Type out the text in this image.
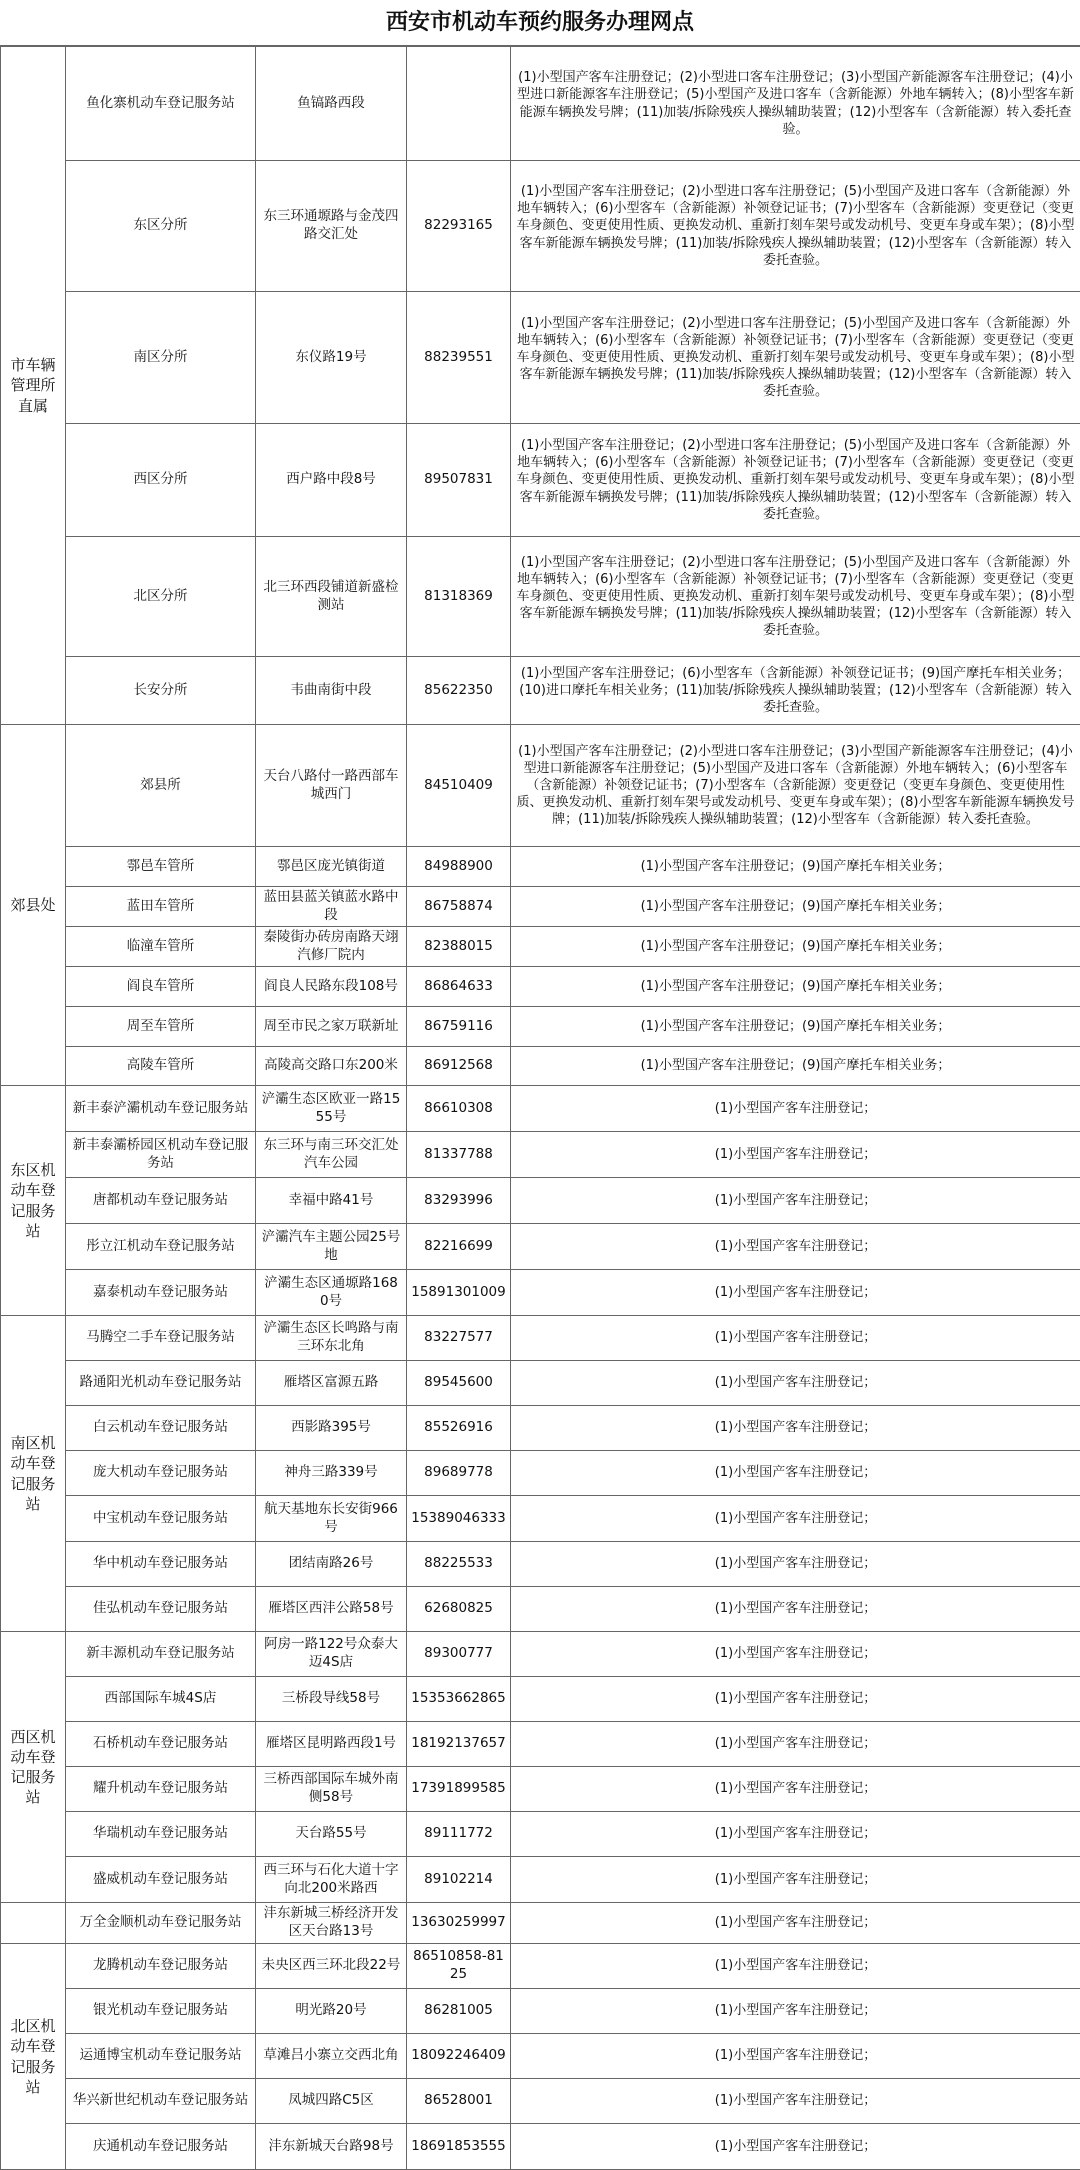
西安市机动车预约服务办理网点
市车辆管理所直属	鱼化寨机动车登记服务站	鱼镐路西段		(1)小型国产客车注册登记；(2)小型进口客车注册登记；(3)小型国产新能源客车注册登记；(4)小型进口新能源客车注册登记；(5)小型国产及进口客车（含新能源）外地车辆转入；(8)小型客车新能源车辆换发号牌；(11)加装/拆除残疾人操纵辅助装置；(12)小型客车（含新能源）转入委托查验。
	东区分所	东三环通塬路与金茂四路交汇处	82293165	(1)小型国产客车注册登记；(2)小型进口客车注册登记；(5)小型国产及进口客车（含新能源）外地车辆转入；(6)小型客车（含新能源）补领登记证书；(7)小型客车（含新能源）变更登记（变更车身颜色、变更使用性质、更换发动机、重新打刻车架号或发动机号、变更车身或车架）；(8)小型客车新能源车辆换发号牌；(11)加装/拆除残疾人操纵辅助装置；(12)小型客车（含新能源）转入委托查验。
	南区分所	东仪路19号	88239551	(1)小型国产客车注册登记；(2)小型进口客车注册登记；(5)小型国产及进口客车（含新能源）外地车辆转入；(6)小型客车（含新能源）补领登记证书；(7)小型客车（含新能源）变更登记（变更车身颜色、变更使用性质、更换发动机、重新打刻车架号或发动机号、变更车身或车架）；(8)小型客车新能源车辆换发号牌；(11)加装/拆除残疾人操纵辅助装置；(12)小型客车（含新能源）转入委托查验。
	西区分所	西户路中段8号	89507831	(1)小型国产客车注册登记；(2)小型进口客车注册登记；(5)小型国产及进口客车（含新能源）外地车辆转入；(6)小型客车（含新能源）补领登记证书；(7)小型客车（含新能源）变更登记（变更车身颜色、变更使用性质、更换发动机、重新打刻车架号或发动机号、变更车身或车架）；(8)小型客车新能源车辆换发号牌；(11)加装/拆除残疾人操纵辅助装置；(12)小型客车（含新能源）转入委托查验。
	北区分所	北三环西段铺道新盛检测站	81318369	(1)小型国产客车注册登记；(2)小型进口客车注册登记；(5)小型国产及进口客车（含新能源）外地车辆转入；(6)小型客车（含新能源）补领登记证书；(7)小型客车（含新能源）变更登记（变更车身颜色、变更使用性质、更换发动机、重新打刻车架号或发动机号、变更车身或车架）；(8)小型客车新能源车辆换发号牌；(11)加装/拆除残疾人操纵辅助装置；(12)小型客车（含新能源）转入委托查验。
	长安分所	韦曲南街中段	85622350	(1)小型国产客车注册登记；(6)小型客车（含新能源）补领登记证书；(9)国产摩托车相关业务；(10)进口摩托车相关业务；(11)加装/拆除残疾人操纵辅助装置；(12)小型客车（含新能源）转入委托查验。
郊县处	郊县所	天台八路付一路西部车城西门	84510409	(1)小型国产客车注册登记；(2)小型进口客车注册登记；(3)小型国产新能源客车注册登记；(4)小型进口新能源客车注册登记；(5)小型国产及进口客车（含新能源）外地车辆转入；(6)小型客车（含新能源）补领登记证书；(7)小型客车（含新能源）变更登记（变更车身颜色、变更使用性质、更换发动机、重新打刻车架号或发动机号、变更车身或车架）；(8)小型客车新能源车辆换发号牌；(11)加装/拆除残疾人操纵辅助装置；(12)小型客车（含新能源）转入委托查验。
	鄠邑车管所	鄠邑区庞光镇街道	84988900	(1)小型国产客车注册登记；(9)国产摩托车相关业务；
	蓝田车管所	蓝田县蓝关镇蓝水路中段	86758874	(1)小型国产客车注册登记；(9)国产摩托车相关业务；
	临潼车管所	秦陵街办砖房南路天翊汽修厂院内	82388015	(1)小型国产客车注册登记；(9)国产摩托车相关业务；
	阎良车管所	阎良人民路东段108号	86864633	(1)小型国产客车注册登记；(9)国产摩托车相关业务；
	周至车管所	周至市民之家万联新址	86759116	(1)小型国产客车注册登记；(9)国产摩托车相关业务；
	高陵车管所	高陵高交路口东200米	86912568	(1)小型国产客车注册登记；(9)国产摩托车相关业务；
东区机动车登记服务站	新丰泰浐灞机动车登记服务站	浐灞生态区欧亚一路1555号	86610308	(1)小型国产客车注册登记；
	新丰泰灞桥园区机动车登记服务站	东三环与南三环交汇处汽车公园	81337788	(1)小型国产客车注册登记；
	唐都机动车登记服务站	幸福中路41号	83293996	(1)小型国产客车注册登记；
	彤立江机动车登记服务站	浐灞汽车主题公园25号地	82216699	(1)小型国产客车注册登记；
	嘉泰机动车登记服务站	浐灞生态区通塬路1680号	15891301009	(1)小型国产客车注册登记；
南区机动车登记服务站	马腾空二手车登记服务站	浐灞生态区长鸣路与南三环东北角	83227577	(1)小型国产客车注册登记；
	路通阳光机动车登记服务站	雁塔区富源五路	89545600	(1)小型国产客车注册登记；
	白云机动车登记服务站	西影路395号	85526916	(1)小型国产客车注册登记；
	庞大机动车登记服务站	神舟三路339号	89689778	(1)小型国产客车注册登记；
	中宝机动车登记服务站	航天基地东长安街966号	15389046333	(1)小型国产客车注册登记；
	华中机动车登记服务站	团结南路26号	88225533	(1)小型国产客车注册登记；
	佳弘机动车登记服务站	雁塔区西沣公路58号	62680825	(1)小型国产客车注册登记；
西区机动车登记服务站	新丰源机动车登记服务站	阿房一路122号众泰大迈4S店	89300777	(1)小型国产客车注册登记；
	西部国际车城4S店	三桥段导线58号	15353662865	(1)小型国产客车注册登记；
	石桥机动车登记服务站	雁塔区昆明路西段1号	18192137657	(1)小型国产客车注册登记；
	耀升机动车登记服务站	三桥西部国际车城外南侧58号	17391899585	(1)小型国产客车注册登记；
	华瑞机动车登记服务站	天台路55号	89111772	(1)小型国产客车注册登记；
	盛威机动车登记服务站	西三环与石化大道十字向北200米路西	89102214	(1)小型国产客车注册登记；
	万全金顺机动车登记服务站	沣东新城三桥经济开发区天台路13号	13630259997	(1)小型国产客车注册登记；
北区机动车登记服务站	龙腾机动车登记服务站	未央区西三环北段22号	86510858-8125	(1)小型国产客车注册登记；
	银光机动车登记服务站	明光路20号	86281005	(1)小型国产客车注册登记；
	运通博宝机动车登记服务站	草滩吕小寨立交西北角	18092246409	(1)小型国产客车注册登记；
	华兴新世纪机动车登记服务站	凤城四路C5区	86528001	(1)小型国产客车注册登记；
	庆通机动车登记服务站	沣东新城天台路98号	18691853555	(1)小型国产客车注册登记；
